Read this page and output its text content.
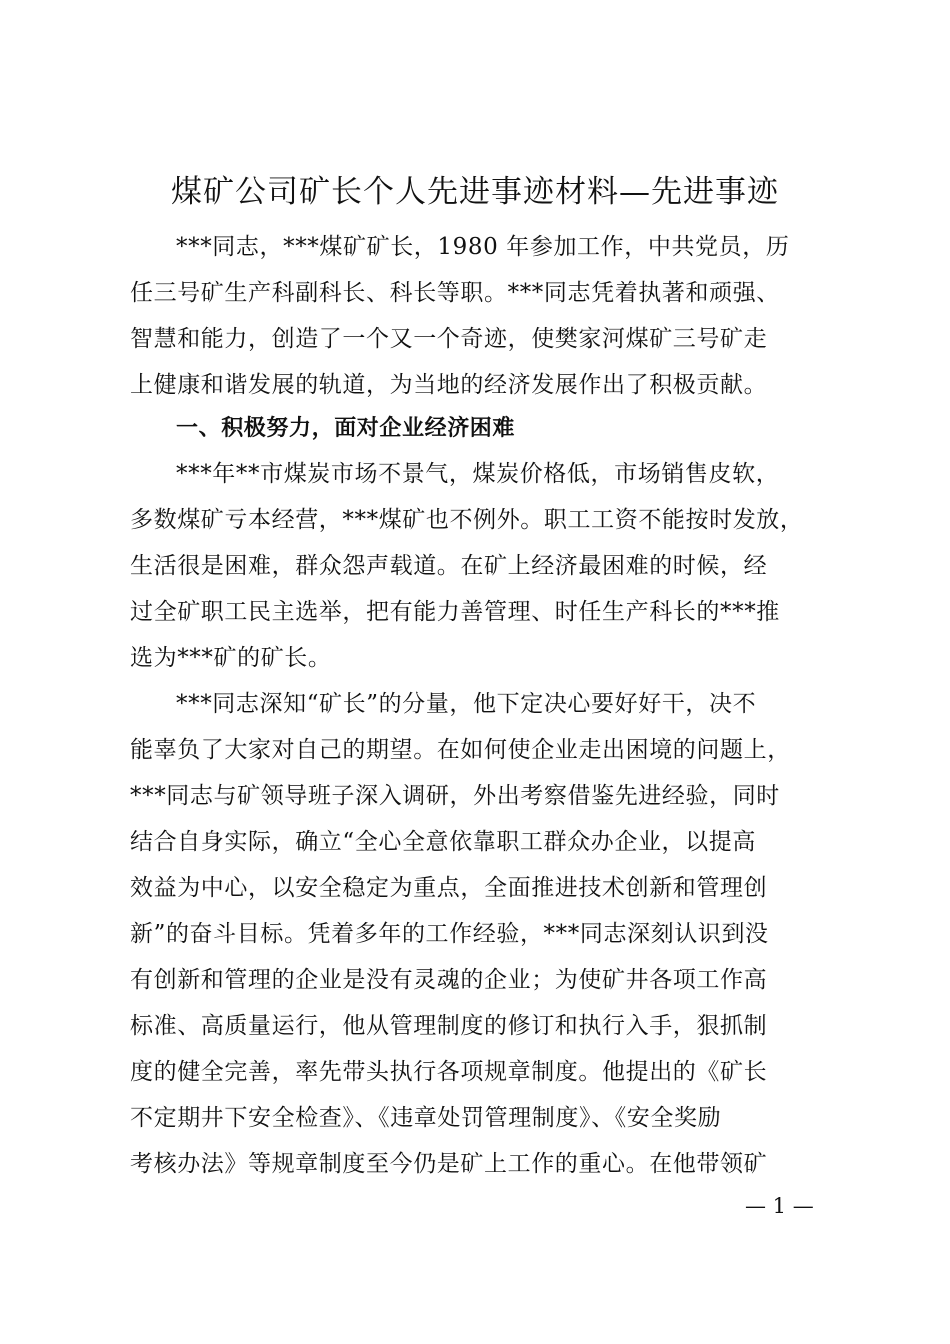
煤矿公司矿长个人先进事迹材料—先进事迹
***同志，***煤矿矿长，1980 年参加工作，中共党员，历
任三号矿生产科副科长、科长等职。***同志凭着执著和顽强、
智慧和能力，创造了一个又一个奇迹，使樊家河煤矿三号矿走
上健康和谐发展的轨道，为当地的经济发展作出了积极贡献。
一、积极努力，面对企业经济困难
***年**市煤炭市场不景气，煤炭价格低，市场销售皮软，
多数煤矿亏本经营，***煤矿也不例外。职工工资不能按时发放，
生活很是困难，群众怨声载道。在矿上经济最困难的时候，经
过全矿职工民主选举，把有能力善管理、时任生产科长的***推
选为***矿的矿长。
***同志深知“矿长”的分量，他下定决心要好好干，决不
能辜负了大家对自己的期望。在如何使企业走出困境的问题上，
***同志与矿领导班子深入调研，外出考察借鉴先进经验，同时
结合自身实际，确立“全心全意依靠职工群众办企业，以提高
效益为中心，以安全稳定为重点，全面推进技术创新和管理创
新”的奋斗目标。凭着多年的工作经验，***同志深刻认识到没
有创新和管理的企业是没有灵魂的企业；为使矿井各项工作高
标准、高质量运行，他从管理制度的修订和执行入手，狠抓制
度的健全完善，率先带头执行各项规章制度。他提出的《矿长
不定期井下安全检查》、《违章处罚管理制度》、《安全奖励
考核办法》等规章制度至今仍是矿上工作的重心。在他带领矿
— 1 —
